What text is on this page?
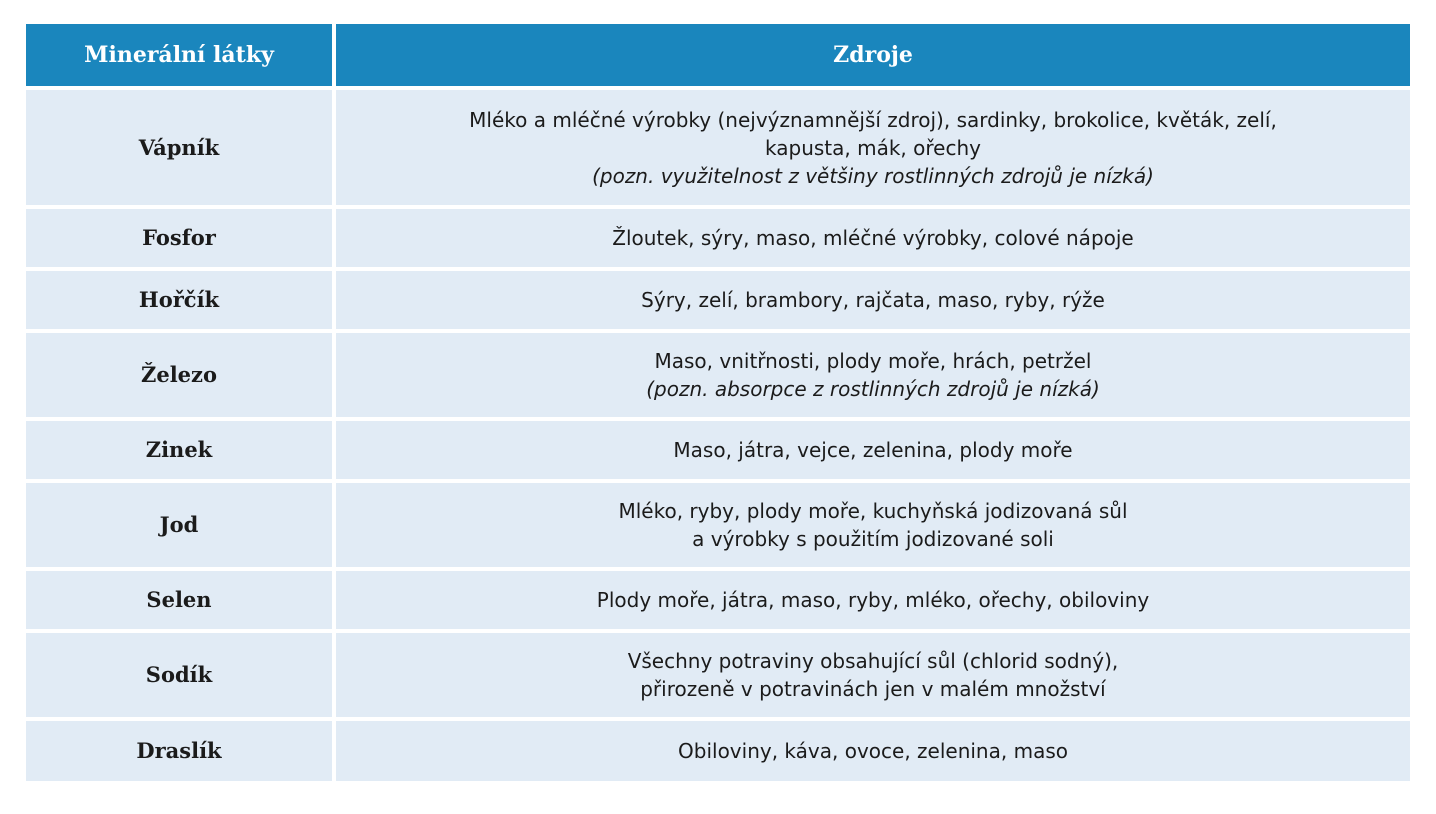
Minerální látky	Zdroje
Vápník	Mléko a mléčné výrobky (nejvýznamnější zdroj), sardinky, brokolice, květák, zelí,
kapusta, mák, ořechy
(pozn. využitelnost z většiny rostlinných zdrojů je nízká)

Fosfor	Žloutek, sýry, maso, mléčné výrobky, colové nápoje

Hořčík	Sýry, zelí, brambory, rajčata, maso, ryby, rýže

Železo	Maso, vnitřnosti, plody moře, hrách, petržel
(pozn. absorpce z rostlinných zdrojů je nízká)

Zinek	Maso, játra, vejce, zelenina, plody moře

Jod	Mléko, ryby, plody moře, kuchyňská jodizovaná sůl
a výrobky s použitím jodizované soli

Selen	Plody moře, játra, maso, ryby, mléko, ořechy, obiloviny

Sodík	Všechny potraviny obsahující sůl (chlorid sodný),
přirozeně v potravinách jen v malém množství

Draslík	Obiloviny, káva, ovoce, zelenina, maso
